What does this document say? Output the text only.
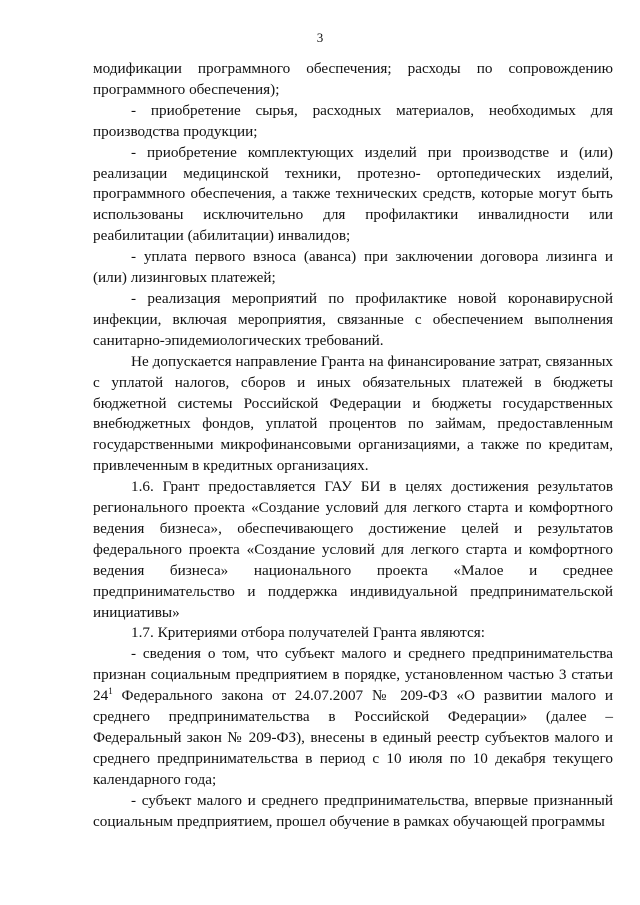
3

модификации программного обеспечения; расходы по сопровождению программного обеспечения);

- приобретение сырья, расходных материалов, необходимых для производства продукции;

- приобретение комплектующих изделий при производстве и (или) реализации медицинской техники, протезно- ортопедических изделий, программного обеспечения, а также технических средств, которые могут быть использованы исключительно для профилактики инвалидности или реабилитации (абилитации) инвалидов;

- уплата первого взноса (аванса) при заключении договора лизинга и (или) лизинговых платежей;

- реализация мероприятий по профилактике новой коронавирусной инфекции, включая мероприятия, связанные с обеспечением выполнения санитарно-эпидемиологических требований.

Не допускается направление Гранта на финансирование затрат, связанных с уплатой налогов, сборов и иных обязательных платежей в бюджеты бюджетной системы Российской Федерации и бюджеты государственных внебюджетных фондов, уплатой процентов по займам, предоставленным государственными микрофинансовыми организациями, а также по кредитам, привлеченным в кредитных организациях.

1.6. Грант предоставляется ГАУ БИ в целях достижения результатов регионального проекта «Создание условий для легкого старта и комфортного ведения бизнеса», обеспечивающего достижение целей и результатов федерального проекта «Создание условий для легкого старта и комфортного ведения бизнеса» национального проекта «Малое и среднее предпринимательство и поддержка индивидуальной предпринимательской инициативы»

1.7. Критериями отбора получателей Гранта являются:

- сведения о том, что субъект малого и среднего предпринимательства признан социальным предприятием в порядке, установленном частью 3 статьи $24^1$ Федерального закона от 24.07.2007 № 209-ФЗ «О развитии малого и среднего предпринимательства в Российской Федерации» (далее – Федеральный закон № 209-ФЗ), внесены в единый реестр субъектов малого и среднего предпринимательства в период с 10 июля по 10 декабря текущего календарного года;

- субъект малого и среднего предпринимательства, впервые признанный социальным предприятием, прошел обучение в рамках обучающей программы
